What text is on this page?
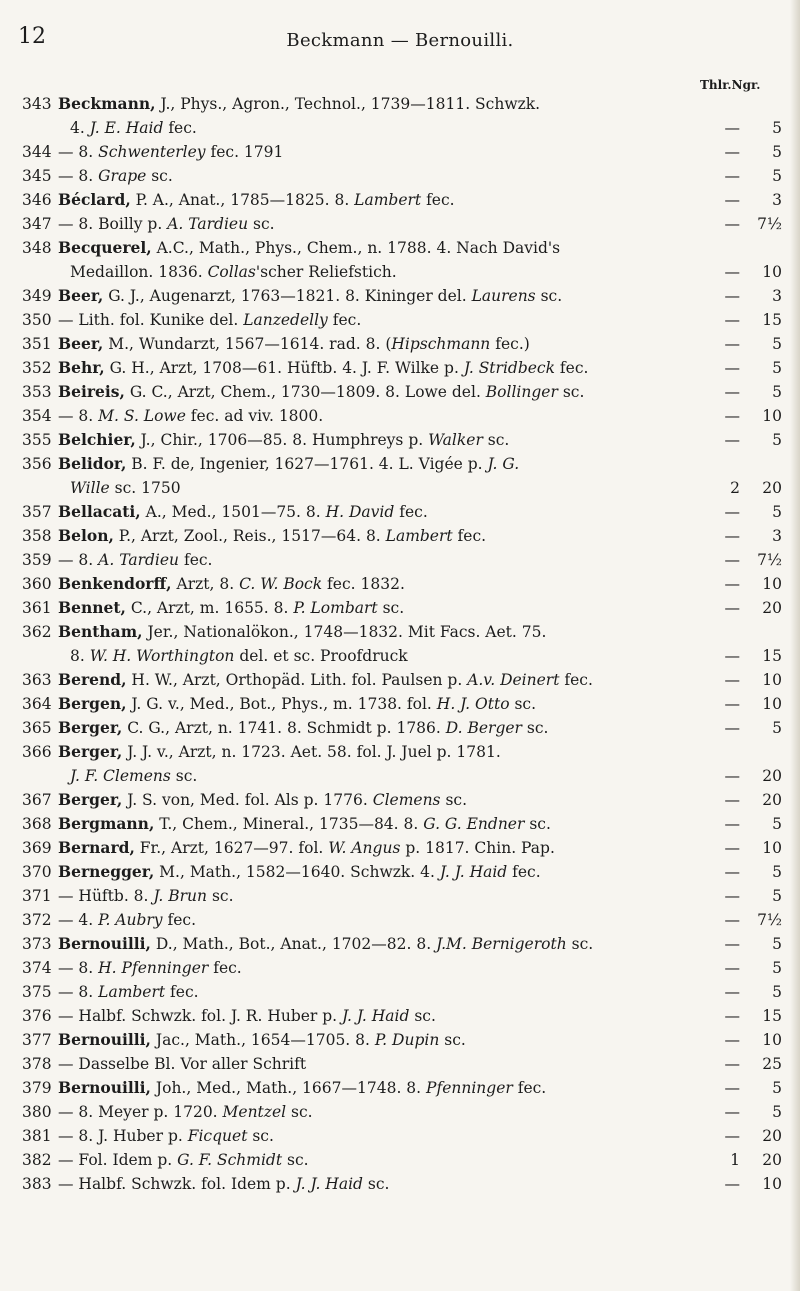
12	Beckmann — Bernouilli.
Thlr.Ngr.
343 Beckmann, J., Phys., Agron., Technol., 1739—1811. Schwzk.
4. J. E. Haid fec.	—	5
344 — 8. Schwenterley fec. 1791	—	5
345 — 8. Grape sc.	—	5
346 Béclard, P. A., Anat., 1785—1825. 8. Lambert fec.	—	3
347 — 8. Boilly p. A. Tardieu sc.	—	7½
348 Becquerel, A.C., Math., Phys., Chem., n. 1788. 4. Nach David's
Medaillon. 1836. Collas'scher Reliefstich.	—	10
349 Beer, G. J., Augenarzt, 1763—1821. 8. Kininger del. Laurens sc.	—	3
350 — Lith. fol. Kunike del. Lanzedelly fec.	—	15
351 Beer, M., Wundarzt, 1567—1614. rad. 8. (Hipschmann fec.)	—	5
352 Behr, G. H., Arzt, 1708—61. Hüftb. 4. J. F. Wilke p. J. Stridbeck fec.	—	5
353 Beireis, G. C., Arzt, Chem., 1730—1809. 8. Lowe del. Bollinger sc.	—	5
354 — 8. M. S. Lowe fec. ad viv. 1800.	—	10
355 Belchier, J., Chir., 1706—85. 8. Humphreys p. Walker sc.	—	5
356 Belidor, B. F. de, Ingenier, 1627—1761. 4. L. Vigée p. J. G.
Wille sc. 1750	2	20
357 Bellacati, A., Med., 1501—75. 8. H. David fec.	—	5
358 Belon, P., Arzt, Zool., Reis., 1517—64. 8. Lambert fec.	—	3
359 — 8. A. Tardieu fec.	—	7½
360 Benkendorff, Arzt, 8. C. W. Bock fec. 1832.	—	10
361 Bennet, C., Arzt, m. 1655. 8. P. Lombart sc.	—	20
362 Bentham, Jer., Nationalökon., 1748—1832. Mit Facs. Aet. 75.
8. W. H. Worthington del. et sc. Proofdruck	—	15
363 Berend, H. W., Arzt, Orthopäd. Lith. fol. Paulsen p. A.v. Deinert fec.	—	10
364 Bergen, J. G. v., Med., Bot., Phys., m. 1738. fol. H. J. Otto sc.	—	10
365 Berger, C. G., Arzt, n. 1741. 8. Schmidt p. 1786. D. Berger sc.	—	5
366 Berger, J. J. v., Arzt, n. 1723. Aet. 58. fol. J. Juel p. 1781.
J. F. Clemens sc.	—	20
367 Berger, J. S. von, Med. fol. Als p. 1776. Clemens sc.	—	20
368 Bergmann, T., Chem., Mineral., 1735—84. 8. G. G. Endner sc.	—	5
369 Bernard, Fr., Arzt, 1627—97. fol. W. Angus p. 1817. Chin. Pap.	—	10
370 Bernegger, M., Math., 1582—1640. Schwzk. 4. J. J. Haid fec.	—	5
371 — Hüftb. 8. J. Brun sc.	—	5
372 — 4. P. Aubry fec.	—	7½
373 Bernouilli, D., Math., Bot., Anat., 1702—82. 8. J.M. Bernigeroth sc.	—	5
374 — 8. H. Pfenninger fec.	—	5
375 — 8. Lambert fec.	—	5
376 — Halbf. Schwzk. fol. J. R. Huber p. J. J. Haid sc.	—	15
377 Bernouilli, Jac., Math., 1654—1705. 8. P. Dupin sc.	—	10
378 — Dasselbe Bl. Vor aller Schrift	—	25
379 Bernouilli, Joh., Med., Math., 1667—1748. 8. Pfenninger fec.	—	5
380 — 8. Meyer p. 1720. Mentzel sc.	—	5
381 — 8. J. Huber p. Ficquet sc.	—	20
382 — Fol. Idem p. G. F. Schmidt sc.	1	20
383 — Halbf. Schwzk. fol. Idem p. J. J. Haid sc.	—	10
